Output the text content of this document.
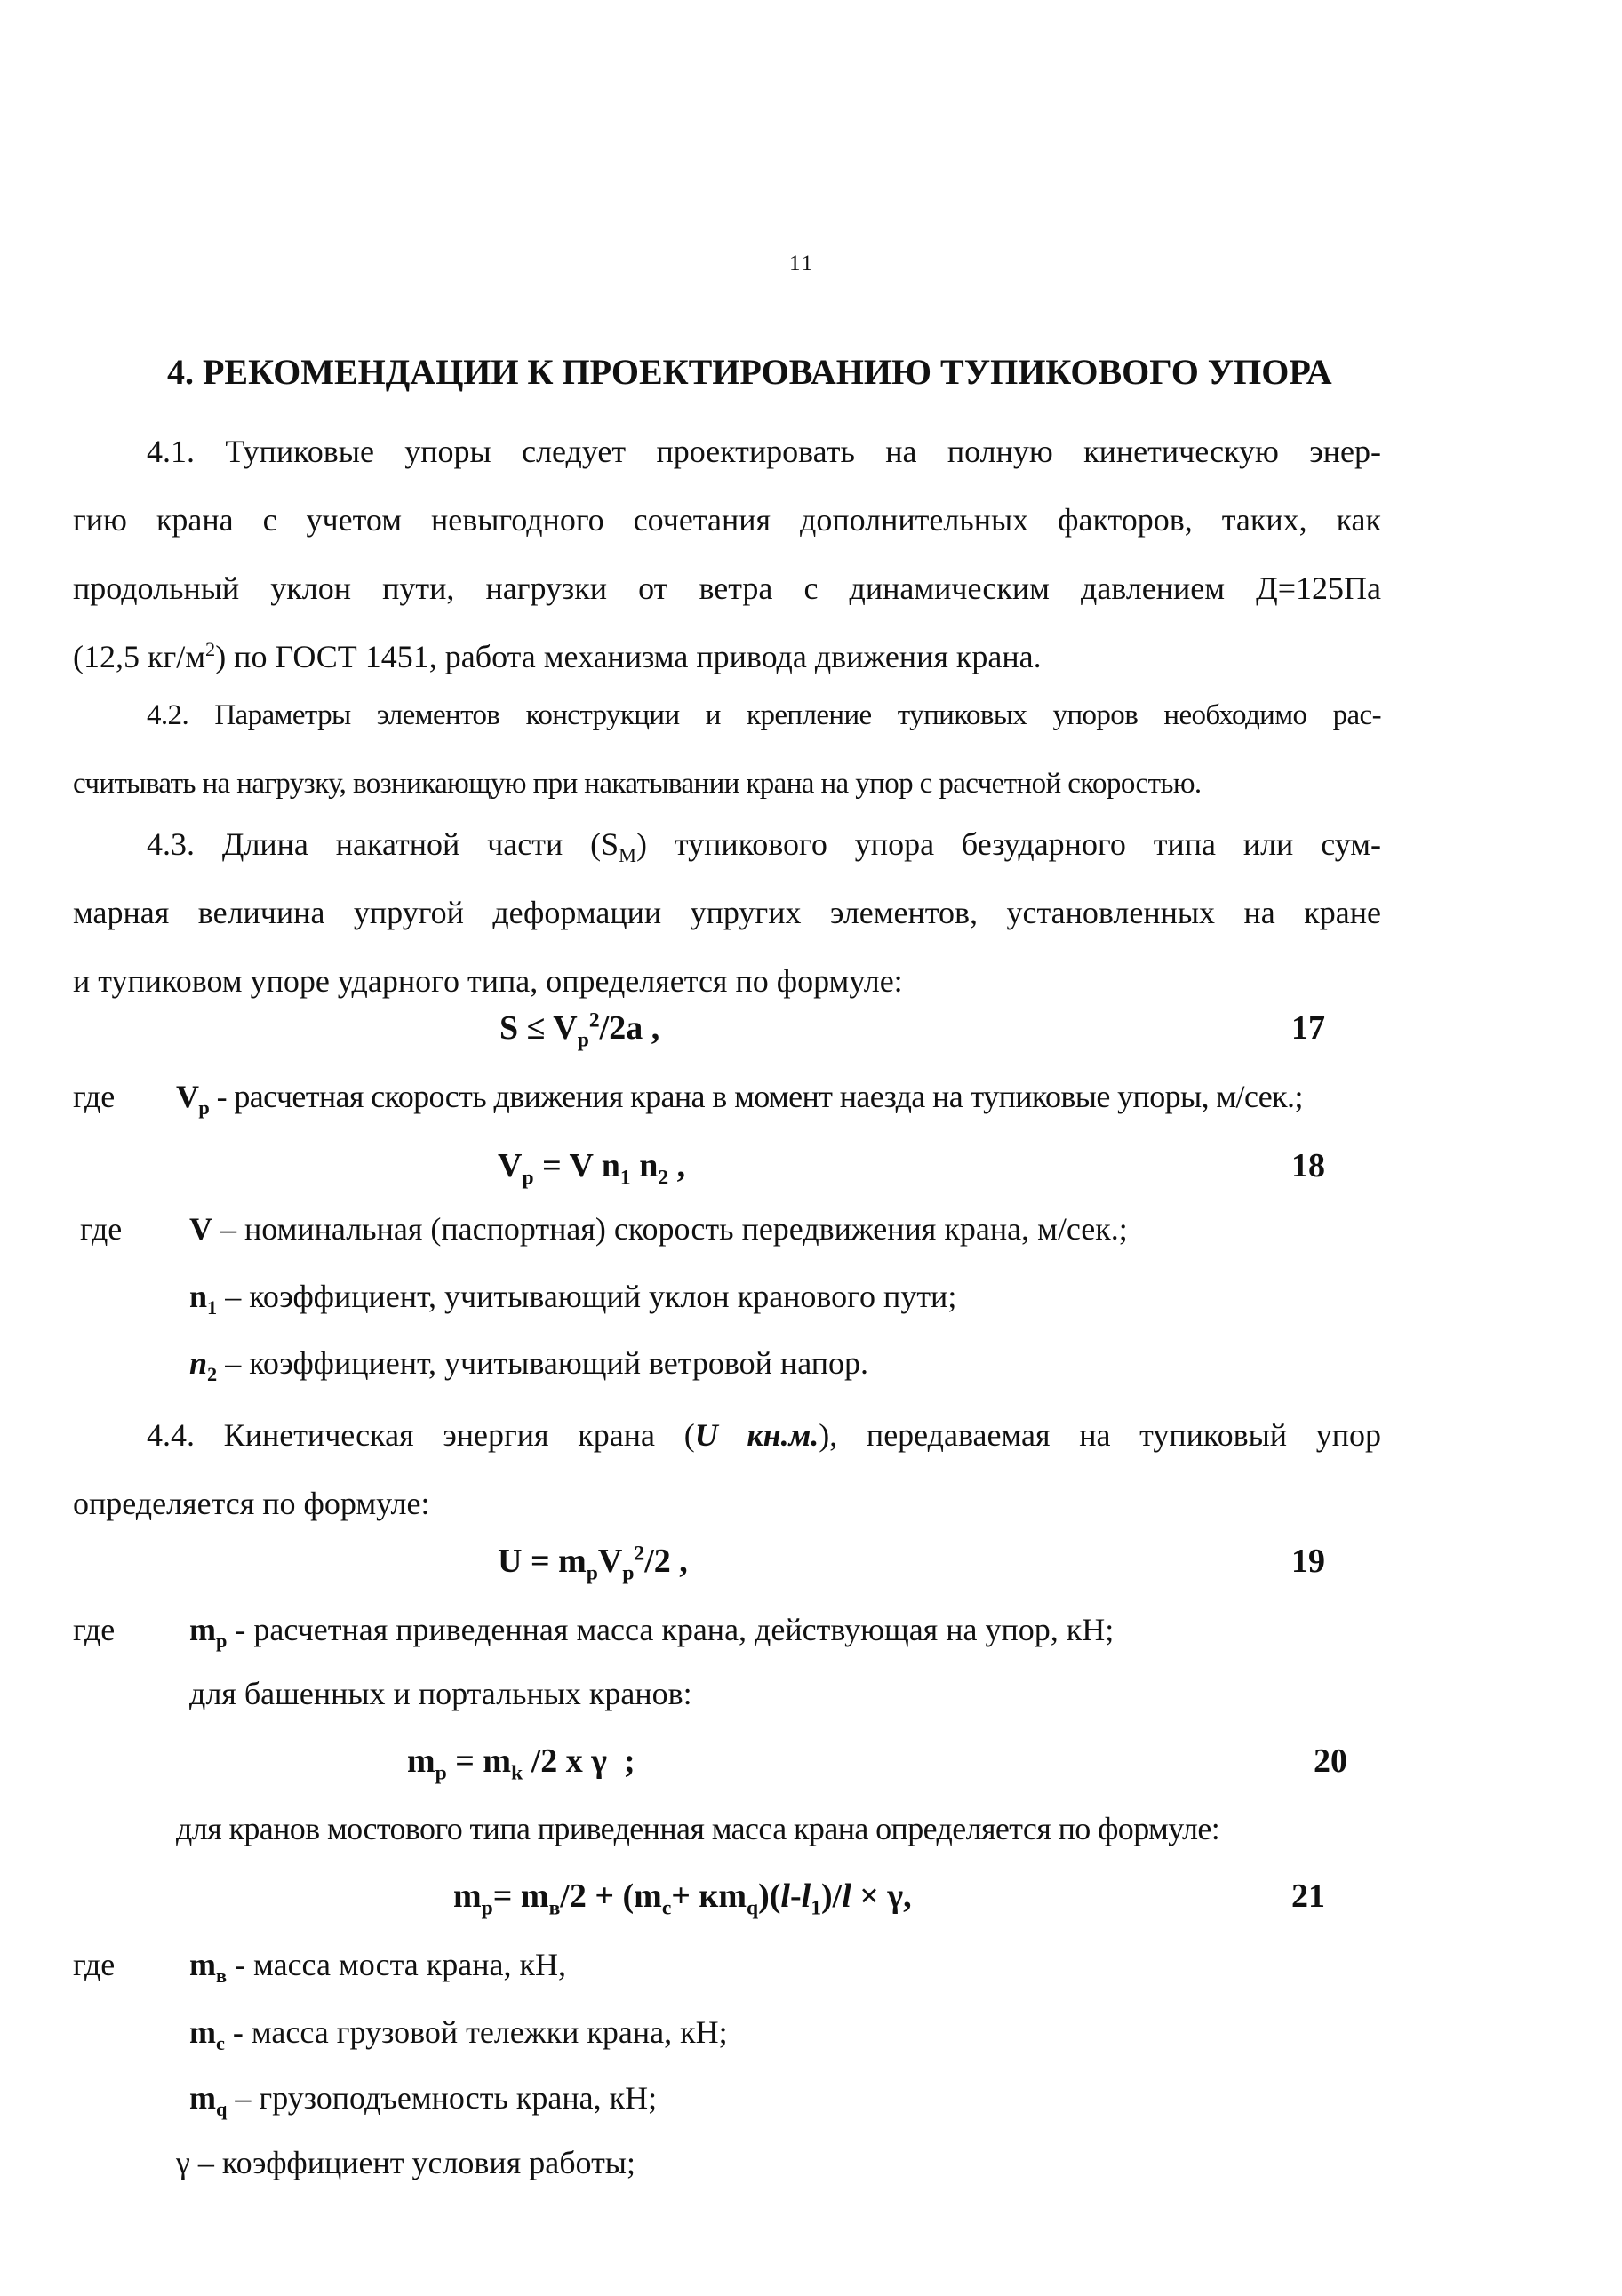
11
4. РЕКОМЕНДАЦИИ К ПРОЕКТИРОВАНИЮ ТУПИКОВОГО УПОРА
4.1. Тупиковые упоры следует проектировать на полную кинетическую энер-
гию крана с учетом невыгодного сочетания дополнительных факторов, таких, как
продольный уклон пути, нагрузки от ветра с динамическим давлением Д=125Па
(12,5 $кг/м^2$) по ГОСТ 1451, работа механизма привода движения крана.
4.2. Параметры элементов конструкции и крепление тупиковых упоров необходимо рас-
считывать на нагрузку, возникающую при накатывании крана на упор с расчетной скоростью.
4.3. Длина накатной части $(S_M)$ тупикового упора безударного типа или сум-
марная величина упругой деформации упругих элементов, установленных на кране
и тупиковом упоре ударного типа, определяется по формуле:
$S \le V_p^2/2a$ ,	17
где $V_p$ - расчетная скорость движения крана в момент наезда на тупиковые упоры, м/сек.;
$V_p = V$ $n_1$ $n_2$ ,	18
где V – номинальная (паспортная) скорость передвижения крана, м/сек.;
$n_1$ – коэффициент, учитывающий уклон кранового пути;
$n_2$ – коэффициент, учитывающий ветровой напор.
4.4. Кинетическая энергия крана (U кн.м.), передаваемая на тупиковый упор
определяется по формуле:
$U = m_pV_p^2/2$ ,	19
где $m_p$ - расчетная приведенная масса крана, действующая на упор, кН;
для башенных и портальных кранов:
$m_p = m_k$ /2 x γ  ;	20
для кранов мостового типа приведенная масса крана определяется по формуле:
$m_p= m_в/2 + (m_c+ кm_q)(l-l_1)/l \times \gamma$,	21
где $m_в$ - масса моста крана, кН,
$m_c$ - масса грузовой тележки крана, кН;
$m_q$ – грузоподъемность крана, кН;
γ – коэффициент условия работы;
